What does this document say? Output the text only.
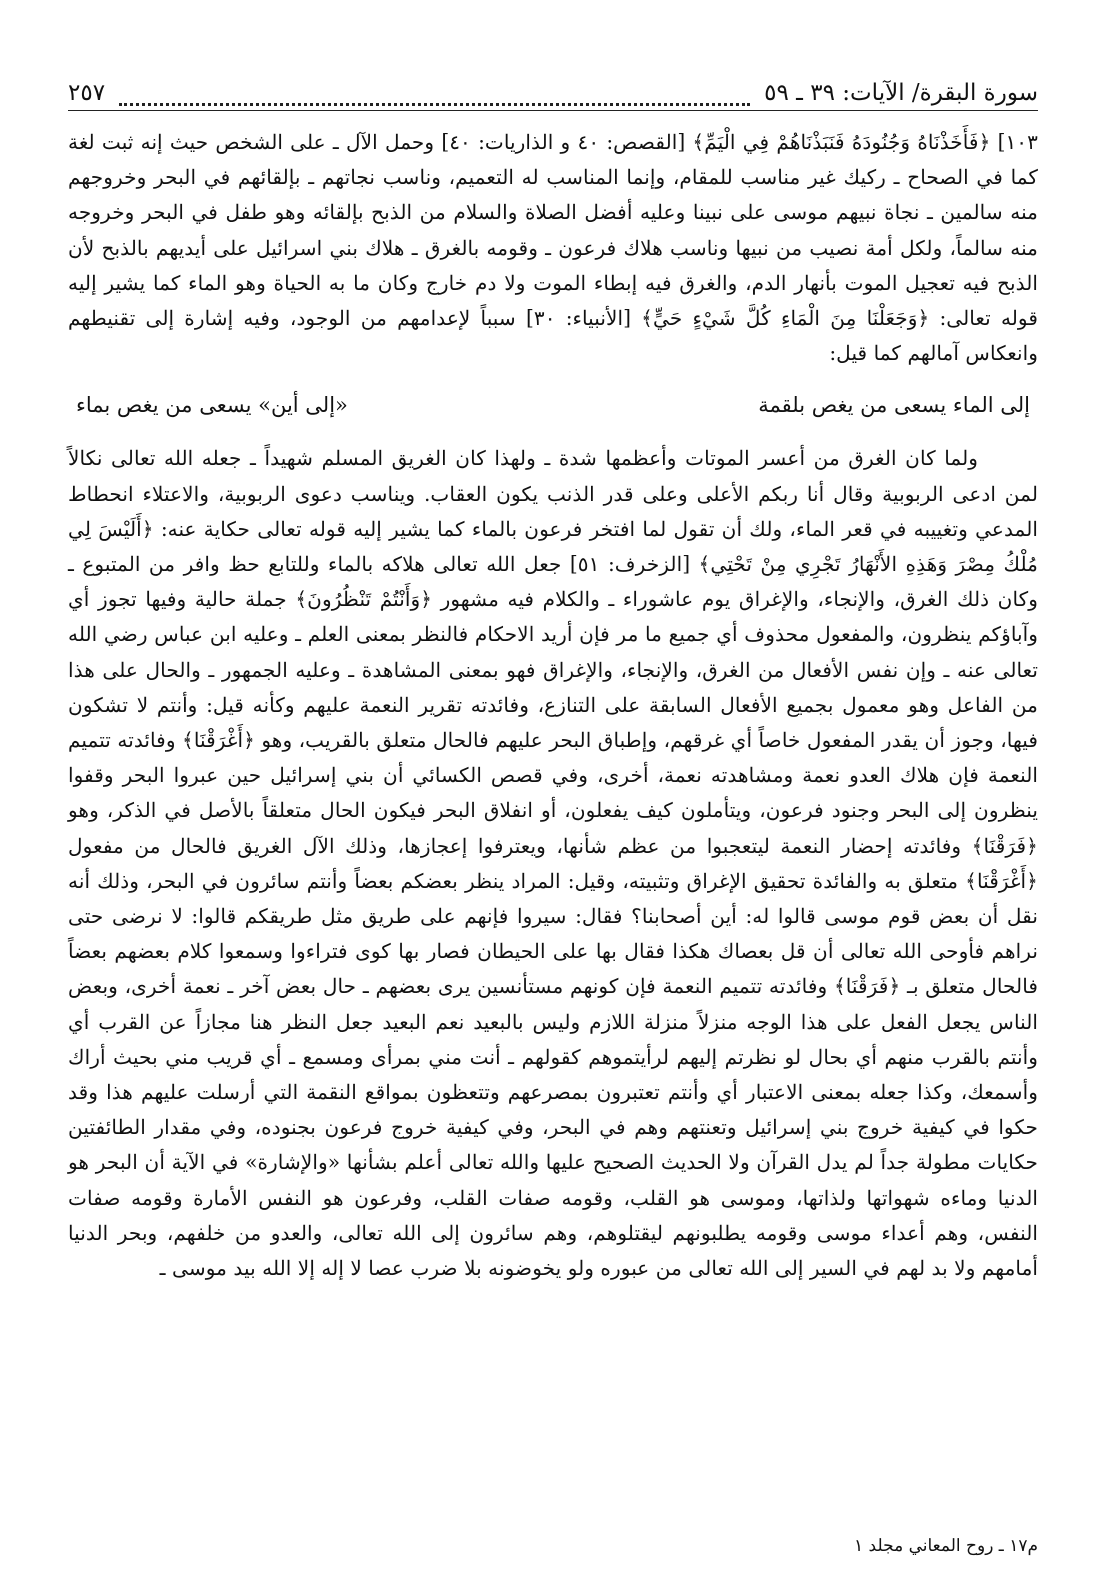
سورة البقرة/ الآيات: ٣٩ ـ ٥٩
٢٥٧

١٠٣] ﴿فَأَخَذْنَاهُ وَجُنُودَهُ فَنَبَذْنَاهُمْ فِي الْيَمِّ﴾ [القصص: ٤٠ و الذاريات: ٤٠] وحمل الآل ـ على الشخص حيث إنه ثبت لغة كما في الصحاح ـ ركيك غير مناسب للمقام، وإنما المناسب له التعميم، وناسب نجاتهم ـ بإلقائهم في البحر وخروجهم منه سالمين ـ نجاة نبيهم موسى على نبينا وعليه أفضل الصلاة والسلام من الذبح بإلقائه وهو طفل في البحر وخروجه منه سالماً، ولكل أمة نصيب من نبيها وناسب هلاك فرعون ـ وقومه بالغرق ـ هلاك بني اسرائيل على أيديهم بالذبح لأن الذبح فيه تعجيل الموت بأنهار الدم، والغرق فيه إبطاء الموت ولا دم خارج وكان ما به الحياة وهو الماء كما يشير إليه قوله تعالى: ﴿وَجَعَلْنَا مِنَ الْمَاءِ كُلَّ شَيْءٍ حَيٍّ﴾ [الأنبياء: ٣٠] سبباً لإعدامهم من الوجود، وفيه إشارة إلى تقنيطهم وانعكاس آمالهم كما قيل:

إلى الماء يسعى من يغص بلقمة
«إلى أين» يسعى من يغص بماء

ولما كان الغرق من أعسر الموتات وأعظمها شدة ـ ولهذا كان الغريق المسلم شهيداً ـ جعله الله تعالى نكالاً لمن ادعى الربوبية وقال أنا ربكم الأعلى وعلى قدر الذنب يكون العقاب. ويناسب دعوى الربوبية، والاعتلاء انحطاط المدعي وتغييبه في قعر الماء، ولك أن تقول لما افتخر فرعون بالماء كما يشير إليه قوله تعالى حكاية عنه: ﴿أَلَيْسَ لِي مُلْكُ مِصْرَ وَهَذِهِ الأَنْهَارُ تَجْرِي مِنْ تَحْتِي﴾ [الزخرف: ٥١] جعل الله تعالى هلاكه بالماء وللتابع حظ وافر من المتبوع ـ وكان ذلك الغرق، والإنجاء، والإغراق يوم عاشوراء ـ والكلام فيه مشهور ﴿وَأَنْتُمْ تَنْظُرُونَ﴾ جملة حالية وفيها تجوز أي وآباؤكم ينظرون، والمفعول محذوف أي جميع ما مر فإن أريد الاحكام فالنظر بمعنى العلم ـ وعليه ابن عباس رضي الله تعالى عنه ـ وإن نفس الأفعال من الغرق، والإنجاء، والإغراق فهو بمعنى المشاهدة ـ وعليه الجمهور ـ والحال على هذا من الفاعل وهو معمول بجميع الأفعال السابقة على التنازع، وفائدته تقرير النعمة عليهم وكأنه قيل: وأنتم لا تشكون فيها، وجوز أن يقدر المفعول خاصاً أي غرقهم، وإطباق البحر عليهم فالحال متعلق بالقريب، وهو ﴿أَغْرَقْنَا﴾ وفائدته تتميم النعمة فإن هلاك العدو نعمة ومشاهدته نعمة، أخرى، وفي قصص الكسائي أن بني إسرائيل حين عبروا البحر وقفوا ينظرون إلى البحر وجنود فرعون، ويتأملون كيف يفعلون، أو انفلاق البحر فيكون الحال متعلقاً بالأصل في الذكر، وهو ﴿فَرَقْنَا﴾ وفائدته إحضار النعمة ليتعجبوا من عظم شأنها، ويعترفوا إعجازها، وذلك الآل الغريق فالحال من مفعول ﴿أَغْرَقْنَا﴾ متعلق به والفائدة تحقيق الإغراق وتثبيته، وقيل: المراد ينظر بعضكم بعضاً وأنتم سائرون في البحر، وذلك أنه نقل أن بعض قوم موسى قالوا له: أين أصحابنا؟ فقال: سيروا فإنهم على طريق مثل طريقكم قالوا: لا نرضى حتى نراهم فأوحى الله تعالى أن قل بعصاك هكذا فقال بها على الحيطان فصار بها كوى فتراءوا وسمعوا كلام بعضهم بعضاً فالحال متعلق بـ ﴿فَرَقْنَا﴾ وفائدته تتميم النعمة فإن كونهم مستأنسين يرى بعضهم ـ حال بعض آخر ـ نعمة أخرى، وبعض الناس يجعل الفعل على هذا الوجه منزلاً منزلة اللازم وليس بالبعيد نعم البعيد جعل النظر هنا مجازاً عن القرب أي وأنتم بالقرب منهم أي بحال لو نظرتم إليهم لرأيتموهم كقولهم ـ أنت مني بمرأى ومسمع ـ أي قريب مني بحيث أراك وأسمعك، وكذا جعله بمعنى الاعتبار أي وأنتم تعتبرون بمصرعهم وتتعظون بمواقع النقمة التي أرسلت عليهم هذا وقد حكوا في كيفية خروج بني إسرائيل وتعنتهم وهم في البحر، وفي كيفية خروج فرعون بجنوده، وفي مقدار الطائفتين حكايات مطولة جداً لم يدل القرآن ولا الحديث الصحيح عليها والله تعالى أعلم بشأنها «والإشارة» في الآية أن البحر هو الدنيا وماءه شهواتها ولذاتها، وموسى هو القلب، وقومه صفات القلب، وفرعون هو النفس الأمارة وقومه صفات النفس، وهم أعداء موسى وقومه يطلبونهم ليقتلوهم، وهم سائرون إلى الله تعالى، والعدو من خلفهم، وبحر الدنيا أمامهم ولا بد لهم في السير إلى الله تعالى من عبوره ولو يخوضونه بلا ضرب عصا لا إله إلا الله بيد موسى ـ

م١٧ ـ روح المعاني مجلد ١
